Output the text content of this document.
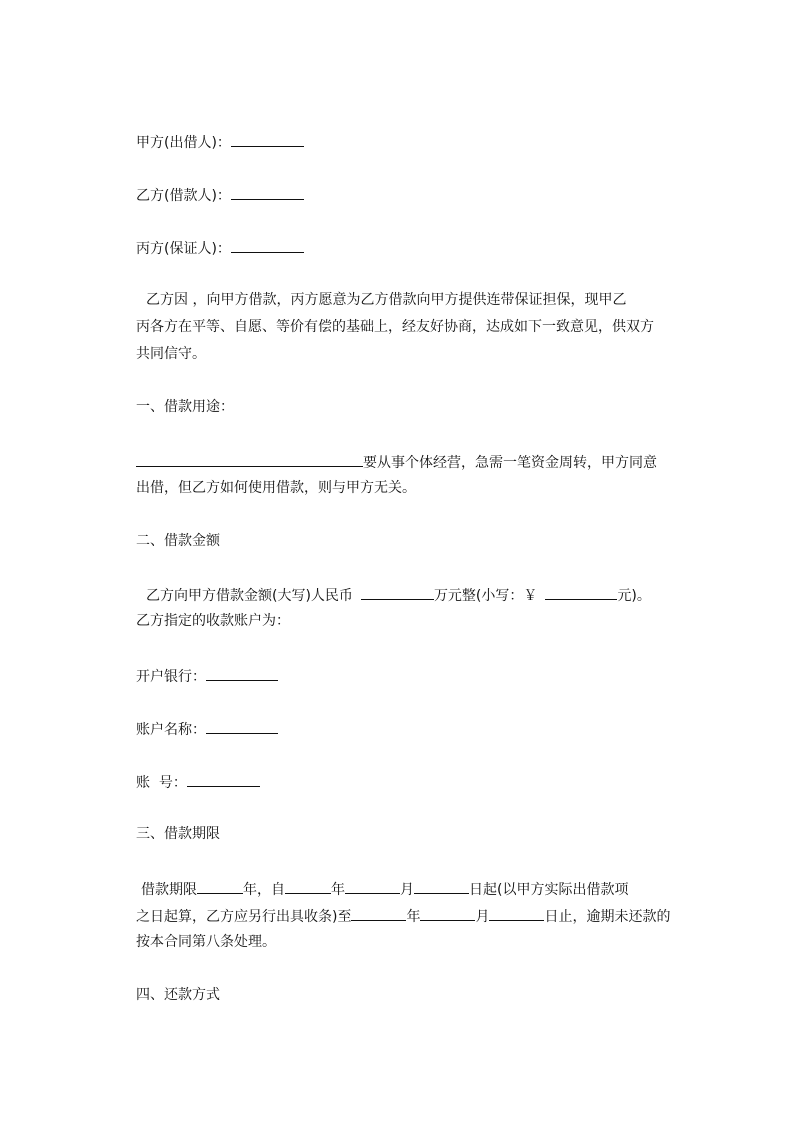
甲方(出借人)：
乙方(借款人)：
丙方(保证人)：
乙方因 ，向甲方借款，丙方愿意为乙方借款向甲方提供连带保证担保，现甲乙
丙各方在平等、自愿、等价有偿的基础上，经友好协商，达成如下一致意见，供双方
共同信守。
一、借款用途：
要从事个体经营，急需一笔资金周转，甲方同意
出借，但乙方如何使用借款，则与甲方无关。
二、借款金额
乙方向甲方借款金额(大写)人民币	万元整(小写：￥	元)。
乙方指定的收款账户为：
开户银行：
账户名称：
账  号：
三、借款期限
借款期限	年，自	年	月	日起(以甲方实际出借款项
之日起算，乙方应另行出具收条)至	年	月	日止，逾期未还款的
按本合同第八条处理。
四、还款方式
